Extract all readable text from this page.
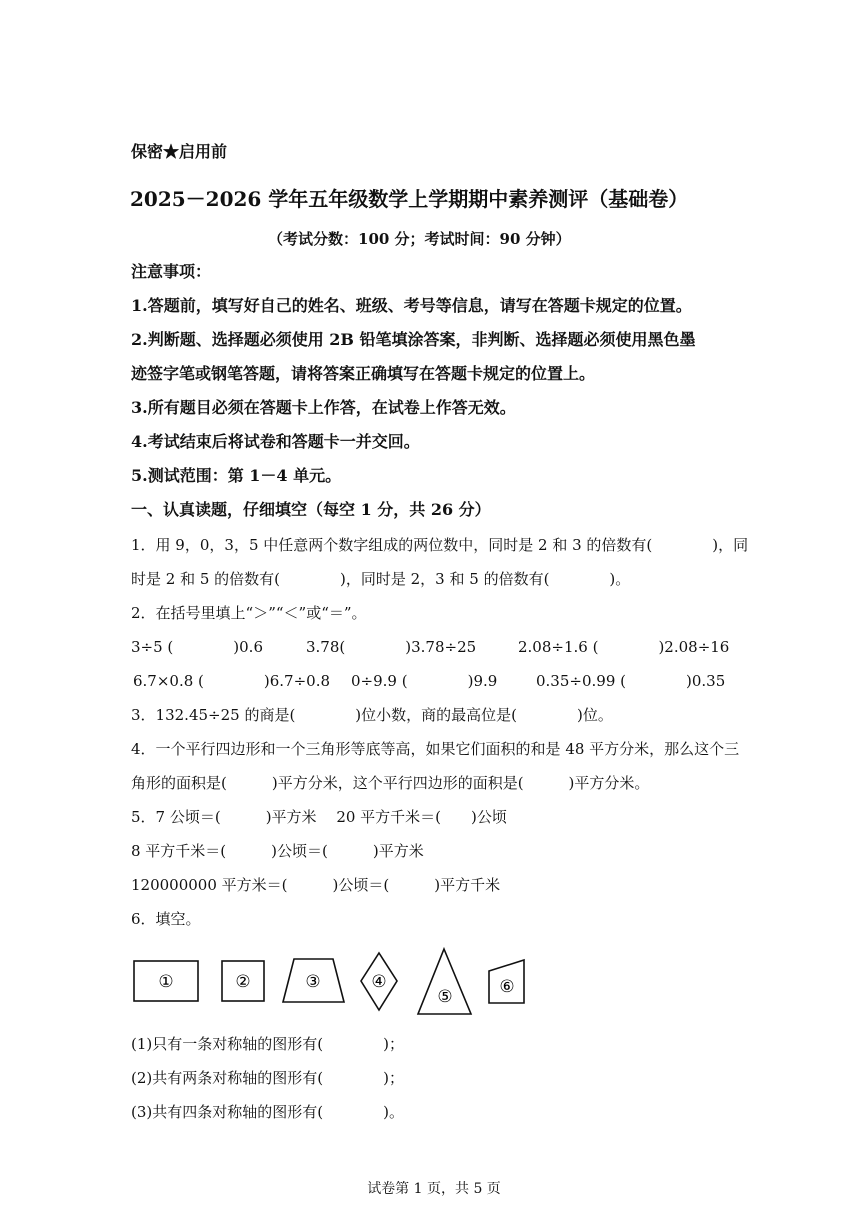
保密★启用前
2025－2026 学年五年级数学上学期期中素养测评（基础卷）
（考试分数：100 分；考试时间：90 分钟）
注意事项：
1.答题前，填写好自己的姓名、班级、考号等信息，请写在答题卡规定的位置。
2.判断题、选择题必须使用 2B 铅笔填涂答案，非判断、选择题必须使用黑色墨
迹签字笔或钢笔答题，请将答案正确填写在答题卡规定的位置上。
3.所有题目必须在答题卡上作答，在试卷上作答无效。
4.考试结束后将试卷和答题卡一并交回。
5.测试范围：第 1－4 单元。
一、认真读题，仔细填空（每空 1 分，共 26 分）
1．用 9，0，3，5 中任意两个数字组成的两位数中，同时是 2 和 3 的倍数有(　　　　)，同
时是 2 和 5 的倍数有(　　　　)，同时是 2，3 和 5 的倍数有(　　　　)。
2．在括号里填上“＞”“＜”或“＝”。
3÷5 (　　　　)0.6	3.78(　　　　)3.78÷25	2.08÷1.6 (　　　　)2.08÷16
6.7×0.8 (　　　　)6.7÷0.8 0÷9.9 (　　　　)9.9	0.35÷0.99 (　　　　)0.35
3．132.45÷25 的商是(　　　　)位小数，商的最高位是(　　　　)位。
4．一个平行四边形和一个三角形等底等高，如果它们面积的和是 48 平方分米，那么这个三
角形的面积是(　　　)平方分米，这个平行四边形的面积是(　　　)平方分米。
5．7 公顷＝(　　　)平方米　 20 平方千米＝(　　)公顷
8 平方千米＝(　　　)公顷＝(　　　)平方米
120000000 平方米＝(　　　)公顷＝(　　　)平方千米
6．填空。
①	②	③	④
⑤	⑥
(1)只有一条对称轴的图形有(　　　　)；
(2)共有两条对称轴的图形有(　　　　)；
(3)共有四条对称轴的图形有(　　　　)。
试卷第 1 页，共 5 页
